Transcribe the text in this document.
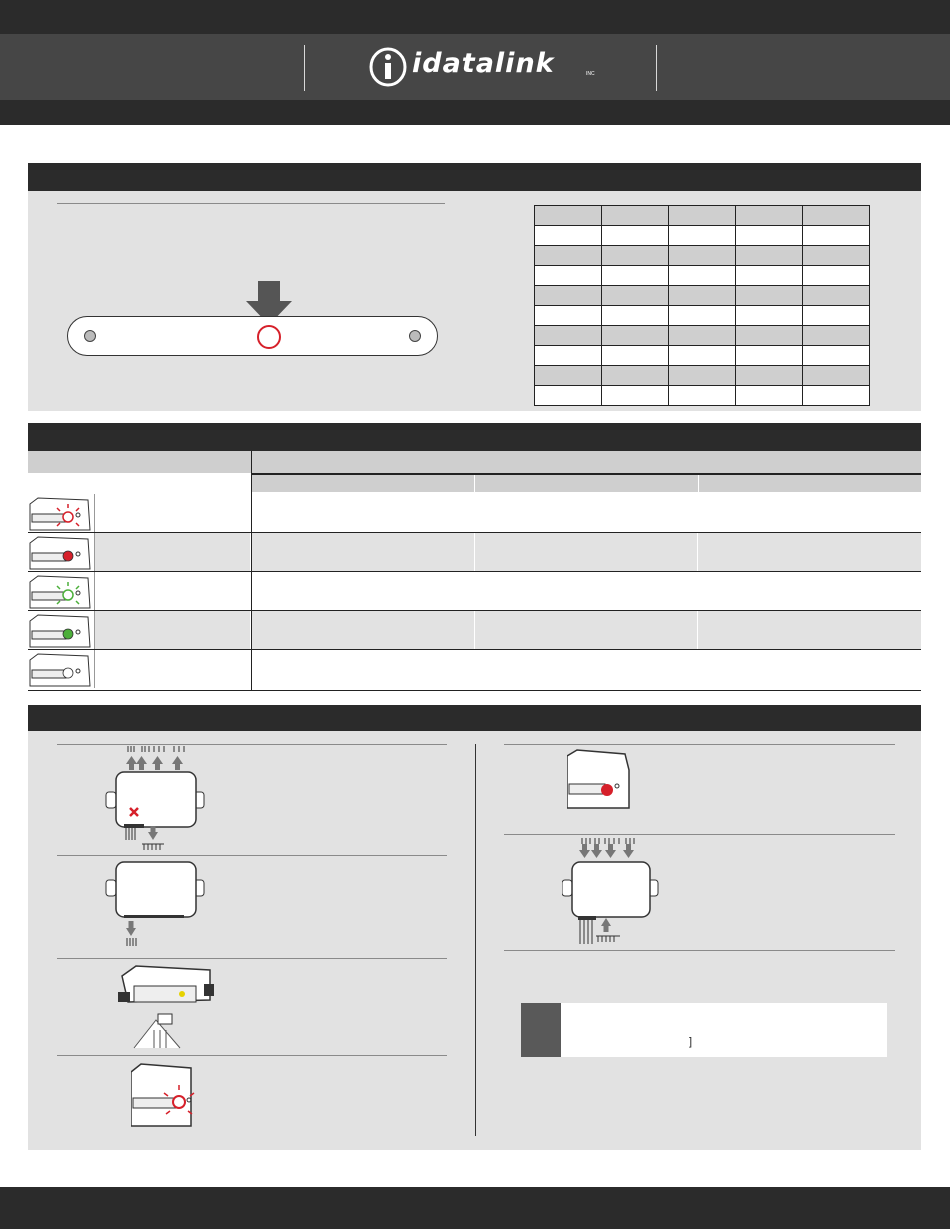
idatalink	INC

]
